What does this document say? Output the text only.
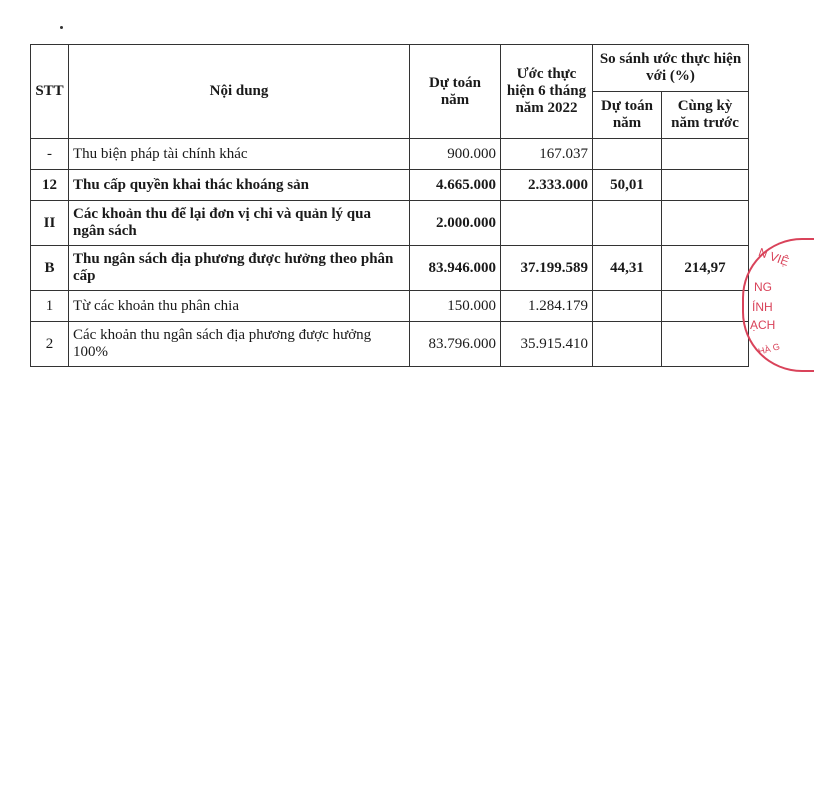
STT	Nội dung	Dự toán năm	Ước thực hiện 6 tháng năm 2022	So sánh ước thực hiện với (%)	
				Dự toán năm	Cùng kỳ năm trước
-	Thu biện pháp tài chính khác	900.000	167.037		
12	Thu cấp quyền khai thác khoáng sản	4.665.000	2.333.000	50,01	
II	Các khoản thu để lại đơn vị chi và quản lý qua ngân sách	2.000.000			
B	Thu ngân sách địa phương được hưởng theo phân cấp	83.946.000	37.199.589	44,31	214,97
1	Từ các khoản thu phân chia	150.000	1.284.179		
2	Các khoản thu ngân sách địa phương được hưởng 100%	83.796.000	35.915.410		
N VIỆ
NG
ÍNH
ẠCH
HÀ G
